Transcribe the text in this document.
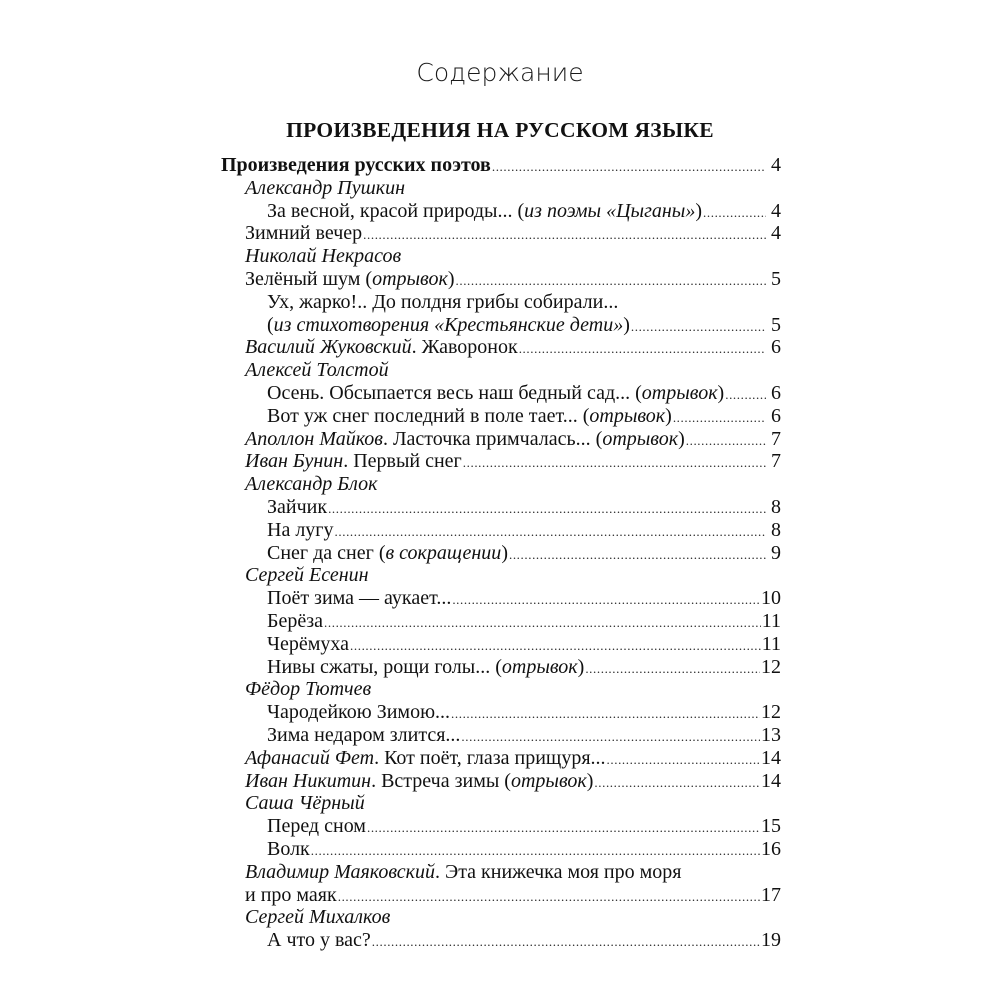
Содержание
ПРОИЗВЕДЕНИЯ НА РУССКОМ ЯЗЫКЕ
Произведения русских поэтов .....	4
Александр Пушкин
За весной, красой природы... (из поэмы «Цыганы») .....	4
Зимний вечер .....	4
Николай Некрасов
Зелёный шум (отрывок) .....	5
Ух, жарко!.. До полдня грибы собирали...
(из стихотворения «Крестьянские дети») .....	5
Василий Жуковский. Жаворонок .....	6
Алексей Толстой
Осень. Обсыпается весь наш бедный сад... (отрывок) ..... 6
Вот уж снег последний в поле тает... (отрывок) .....	6
Аполлон Майков. Ласточка примчалась... (отрывок) .....	7
Иван Бунин. Первый снег .....	7
Александр Блок
Зайчик .....	8
На лугу .....	8
Снег да снег (в сокращении) .....	9
Сергей Есенин
Поёт зима — аукает... .....	10
Берёза .....	11
Черёмуха .....	11
Нивы сжаты, рощи голы... (отрывок) .....	12
Фёдор Тютчев
Чародейкою Зимою... .....	12
Зима недаром злится... .....	13
Афанасий Фет. Кот поёт, глаза прищуря... .....	14
Иван Никитин. Встреча зимы (отрывок) .....	14
Саша Чёрный
Перед сном .....	15
Волк .....	16
Владимир Маяковский. Эта книжечка моя про моря
и про маяк .....	17
Сергей Михалков
А что у вас? .....	19
